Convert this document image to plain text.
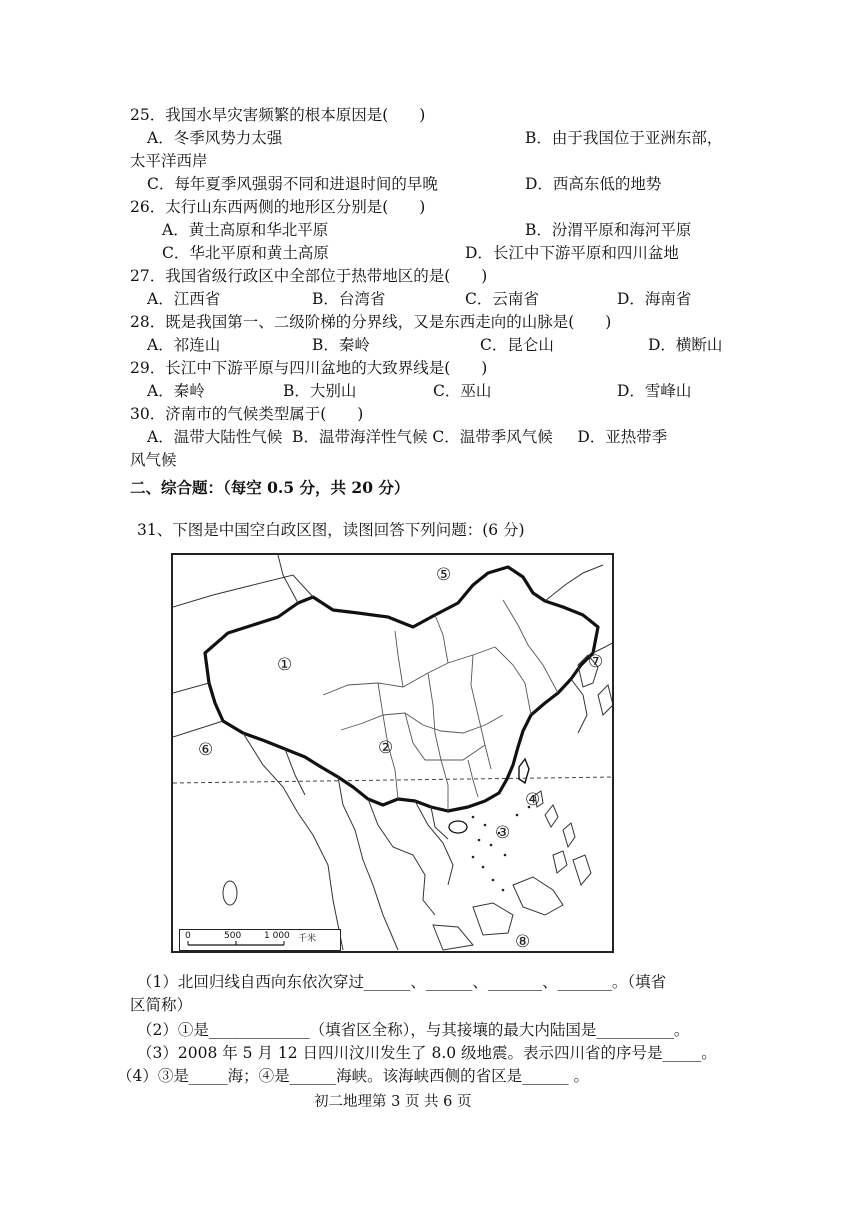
25．我国水旱灾害频繁的根本原因是(　　)
A．冬季风势力太强	B．由于我国位于亚洲东部，
太平洋西岸
C．每年夏季风强弱不同和进退时间的早晚	D．西高东低的地势
26．太行山东西两侧的地形区分别是(　　)
A．黄土高原和华北平原	B．汾渭平原和海河平原
C．华北平原和黄土高原	D．长江中下游平原和四川盆地
27．我国省级行政区中全部位于热带地区的是(　　)
A．江西省	B．台湾省	C．云南省	D．海南省
28．既是我国第一、二级阶梯的分界线，又是东西走向的山脉是(　　)
A．祁连山	B．秦岭	C．昆仑山	D．横断山
29．长江中下游平原与四川盆地的大致界线是(　　)
A．秦岭	B．大别山	C．巫山	D．雪峰山
30．济南市的气候类型属于(　　)
A．温带大陆性气候  B．温带海洋性气候 C．温带季风气候     D．亚热带季
风气候
二、综合题：（每空 0.5 分，共 20 分）
31、下图是中国空白政区图，读图回答下列问题：(6 分)
⑤
①	⑦
②
⑥
④
③
⑧
0	500	1 000 千米
（1）北回归线自西向东依次穿过______、______、_______、_______。（填省
区简称）
（2）①是_____________（填省区全称），与其接壤的最大内陆国是__________。
（3）2008 年 5 月 12 日四川汶川发生了 8.0 级地震。表示四川省的序号是_____。
（4）③是_____海；④是______海峡。该海峡西侧的省区是______ 。
初二地理第 3 页 共 6 页
